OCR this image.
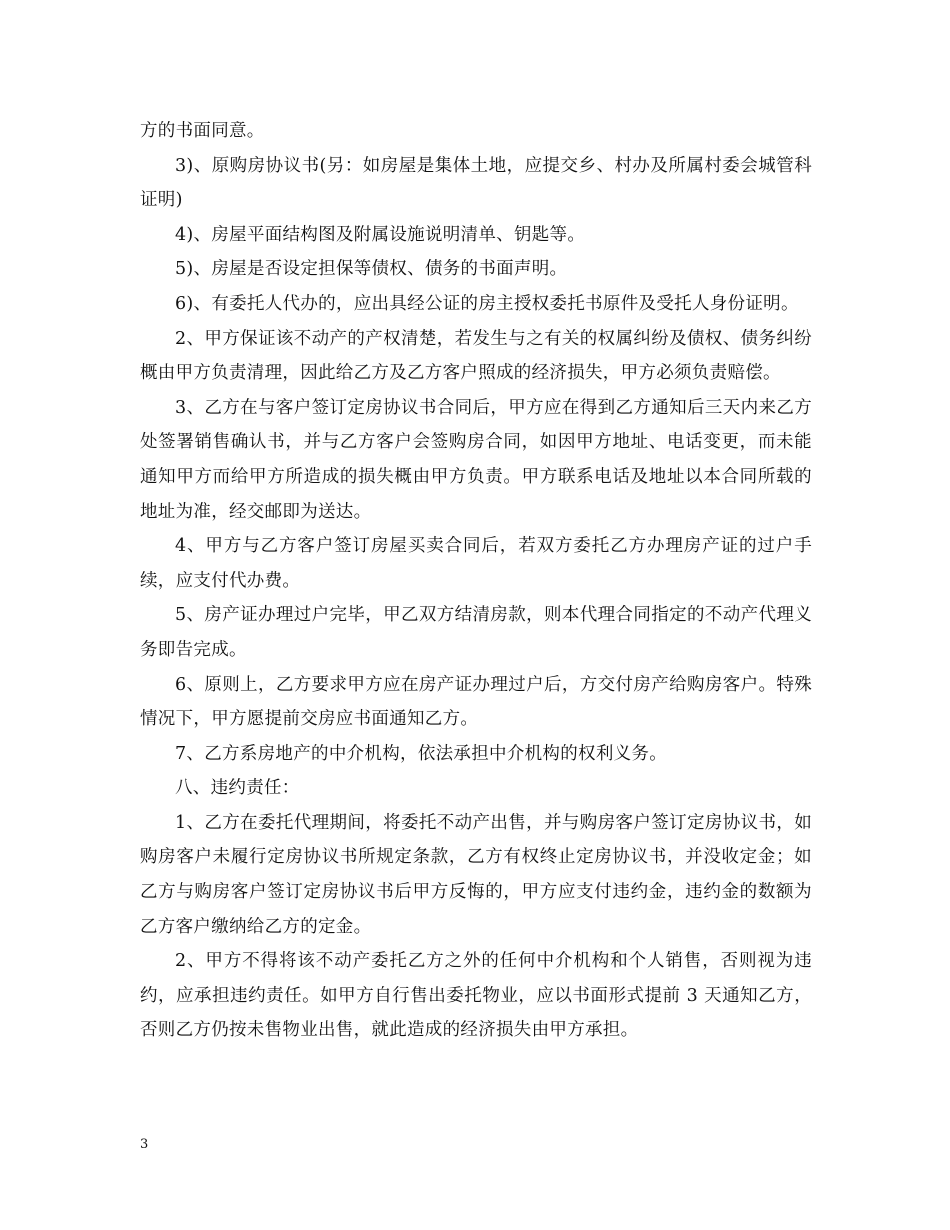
方的书面同意。

3)、原购房协议书(另：如房屋是集体土地，应提交乡、村办及所属村委会城管科证明)

4)、房屋平面结构图及附属设施说明清单、钥匙等。

5)、房屋是否设定担保等债权、债务的书面声明。

6)、有委托人代办的，应出具经公证的房主授权委托书原件及受托人身份证明。

2、甲方保证该不动产的产权清楚，若发生与之有关的权属纠纷及债权、债务纠纷概由甲方负责清理，因此给乙方及乙方客户照成的经济损失，甲方必须负责赔偿。

3、乙方在与客户签订定房协议书合同后，甲方应在得到乙方通知后三天内来乙方处签署销售确认书，并与乙方客户会签购房合同，如因甲方地址、电话变更，而未能通知甲方而给甲方所造成的损失概由甲方负责。甲方联系电话及地址以本合同所载的地址为准，经交邮即为送达。

4、甲方与乙方客户签订房屋买卖合同后，若双方委托乙方办理房产证的过户手续，应支付代办费。

5、房产证办理过户完毕，甲乙双方结清房款，则本代理合同指定的不动产代理义务即告完成。

6、原则上，乙方要求甲方应在房产证办理过户后，方交付房产给购房客户。特殊情况下，甲方愿提前交房应书面通知乙方。

7、乙方系房地产的中介机构，依法承担中介机构的权利义务。

八、违约责任：

1、乙方在委托代理期间，将委托不动产出售，并与购房客户签订定房协议书，如购房客户未履行定房协议书所规定条款，乙方有权终止定房协议书，并没收定金；如乙方与购房客户签订定房协议书后甲方反悔的，甲方应支付违约金，违约金的数额为乙方客户缴纳给乙方的定金。

2、甲方不得将该不动产委托乙方之外的任何中介机构和个人销售，否则视为违约，应承担违约责任。如甲方自行售出委托物业，应以书面形式提前 3 天通知乙方，否则乙方仍按未售物业出售，就此造成的经济损失由甲方承担。

3
